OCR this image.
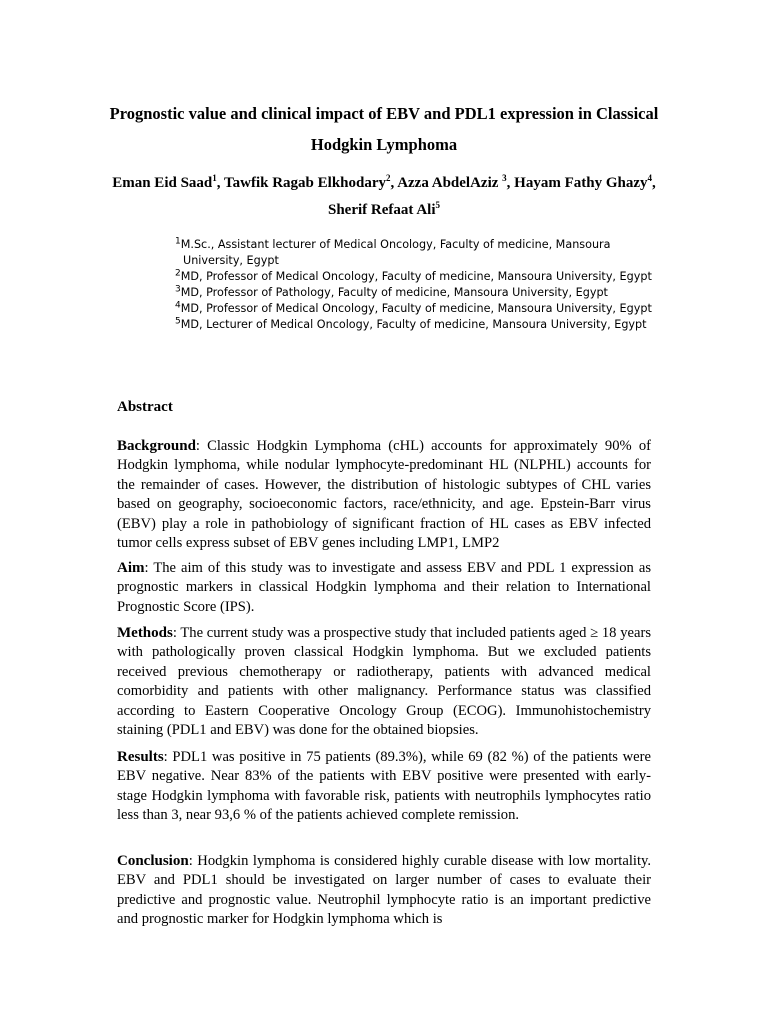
Prognostic value and clinical impact of EBV and PDL1 expression in Classical Hodgkin Lymphoma
Eman Eid Saad$^1$, Tawfik Ragab Elkhodary$^2$, Azza AbdelAziz $^3$, Hayam Fathy Ghazy$^4$, Sherif Refaat Ali$^5$
$^1$M.Sc., Assistant lecturer of Medical Oncology, Faculty of medicine, Mansoura University, Egypt
$^2$MD, Professor of Medical Oncology, Faculty of medicine, Mansoura University, Egypt
$^3$MD, Professor of Pathology, Faculty of medicine, Mansoura University, Egypt
$^4$MD, Professor of Medical Oncology, Faculty of medicine, Mansoura University, Egypt
$^5$MD, Lecturer of Medical Oncology, Faculty of medicine, Mansoura University, Egypt
Abstract

Background: Classic Hodgkin Lymphoma (cHL) accounts for approximately 90% of Hodgkin lymphoma, while nodular lymphocyte-predominant HL (NLPHL) accounts for the remainder of cases. However, the distribution of histologic subtypes of CHL varies based on geography, socioeconomic factors, race/ethnicity, and age. Epstein-Barr virus (EBV) play a role in pathobiology of significant fraction of HL cases as EBV infected tumor cells express subset of EBV genes including LMP1, LMP2

Aim: The aim of this study was to investigate and assess EBV and PDL 1 expression as prognostic markers in classical Hodgkin lymphoma and their relation to International Prognostic Score (IPS).

Methods: The current study was a prospective study that included patients aged ≥ 18 years with pathologically proven classical Hodgkin lymphoma. But we excluded patients received previous chemotherapy or radiotherapy, patients with advanced medical comorbidity and patients with other malignancy. Performance status was classified according to Eastern Cooperative Oncology Group (ECOG). Immunohistochemistry staining (PDL1 and EBV) was done for the obtained biopsies.

Results: PDL1 was positive in 75 patients (89.3%), while 69 (82 %) of the patients were EBV negative. Near 83% of the patients with EBV positive were presented with early-stage Hodgkin lymphoma with favorable risk, patients with neutrophils lymphocytes ratio less than 3, near 93,6 % of the patients achieved complete remission.

Conclusion: Hodgkin lymphoma is considered highly curable disease with low mortality. EBV and PDL1 should be investigated on larger number of cases to evaluate their predictive and prognostic value. Neutrophil lymphocyte ratio is an important predictive and prognostic marker for Hodgkin lymphoma which is
